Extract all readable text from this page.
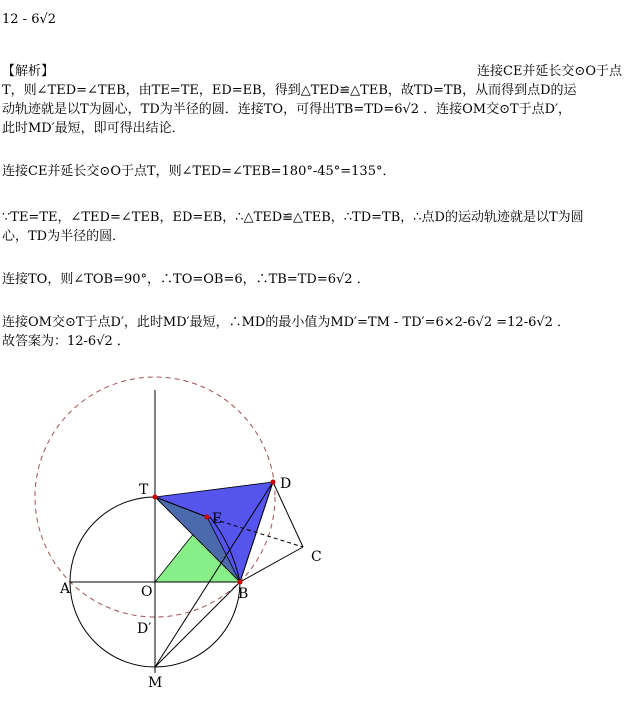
12 - 6√2
【解析】	连接CE并延长交⊙O于点
T，则∠TED=∠TEB，由TE=TE，ED=EB，得到△TED≌△TEB，故TD=TB，从而得到点D的运
动轨迹就是以T为圆心，TD为半径的圆．连接TO，可得出TB=TD=6√2 ．连接OM交⊙T于点D′，
此时MD′最短，即可得出结论．
连接CE并延长交⊙O于点T，则∠TED=∠TEB=180°-45°=135°．
∵TE=TE，∠TED=∠TEB，ED=EB，∴△TED≌△TEB，∴TD=TB，∴点D的运动轨迹就是以T为圆
心，TD为半径的圆．
连接TO，则∠TOB=90°，∴TO=OB=6，∴TB=TD=6√2 ．
连接OM交⊙T于点D′，此时MD′最短，∴MD的最小值为MD′=TM - TD′=6×2-6√2 =12-6√2 ．
故答案为：12-6√2 ．
T	D
E
C
A	O	B
D′
M
